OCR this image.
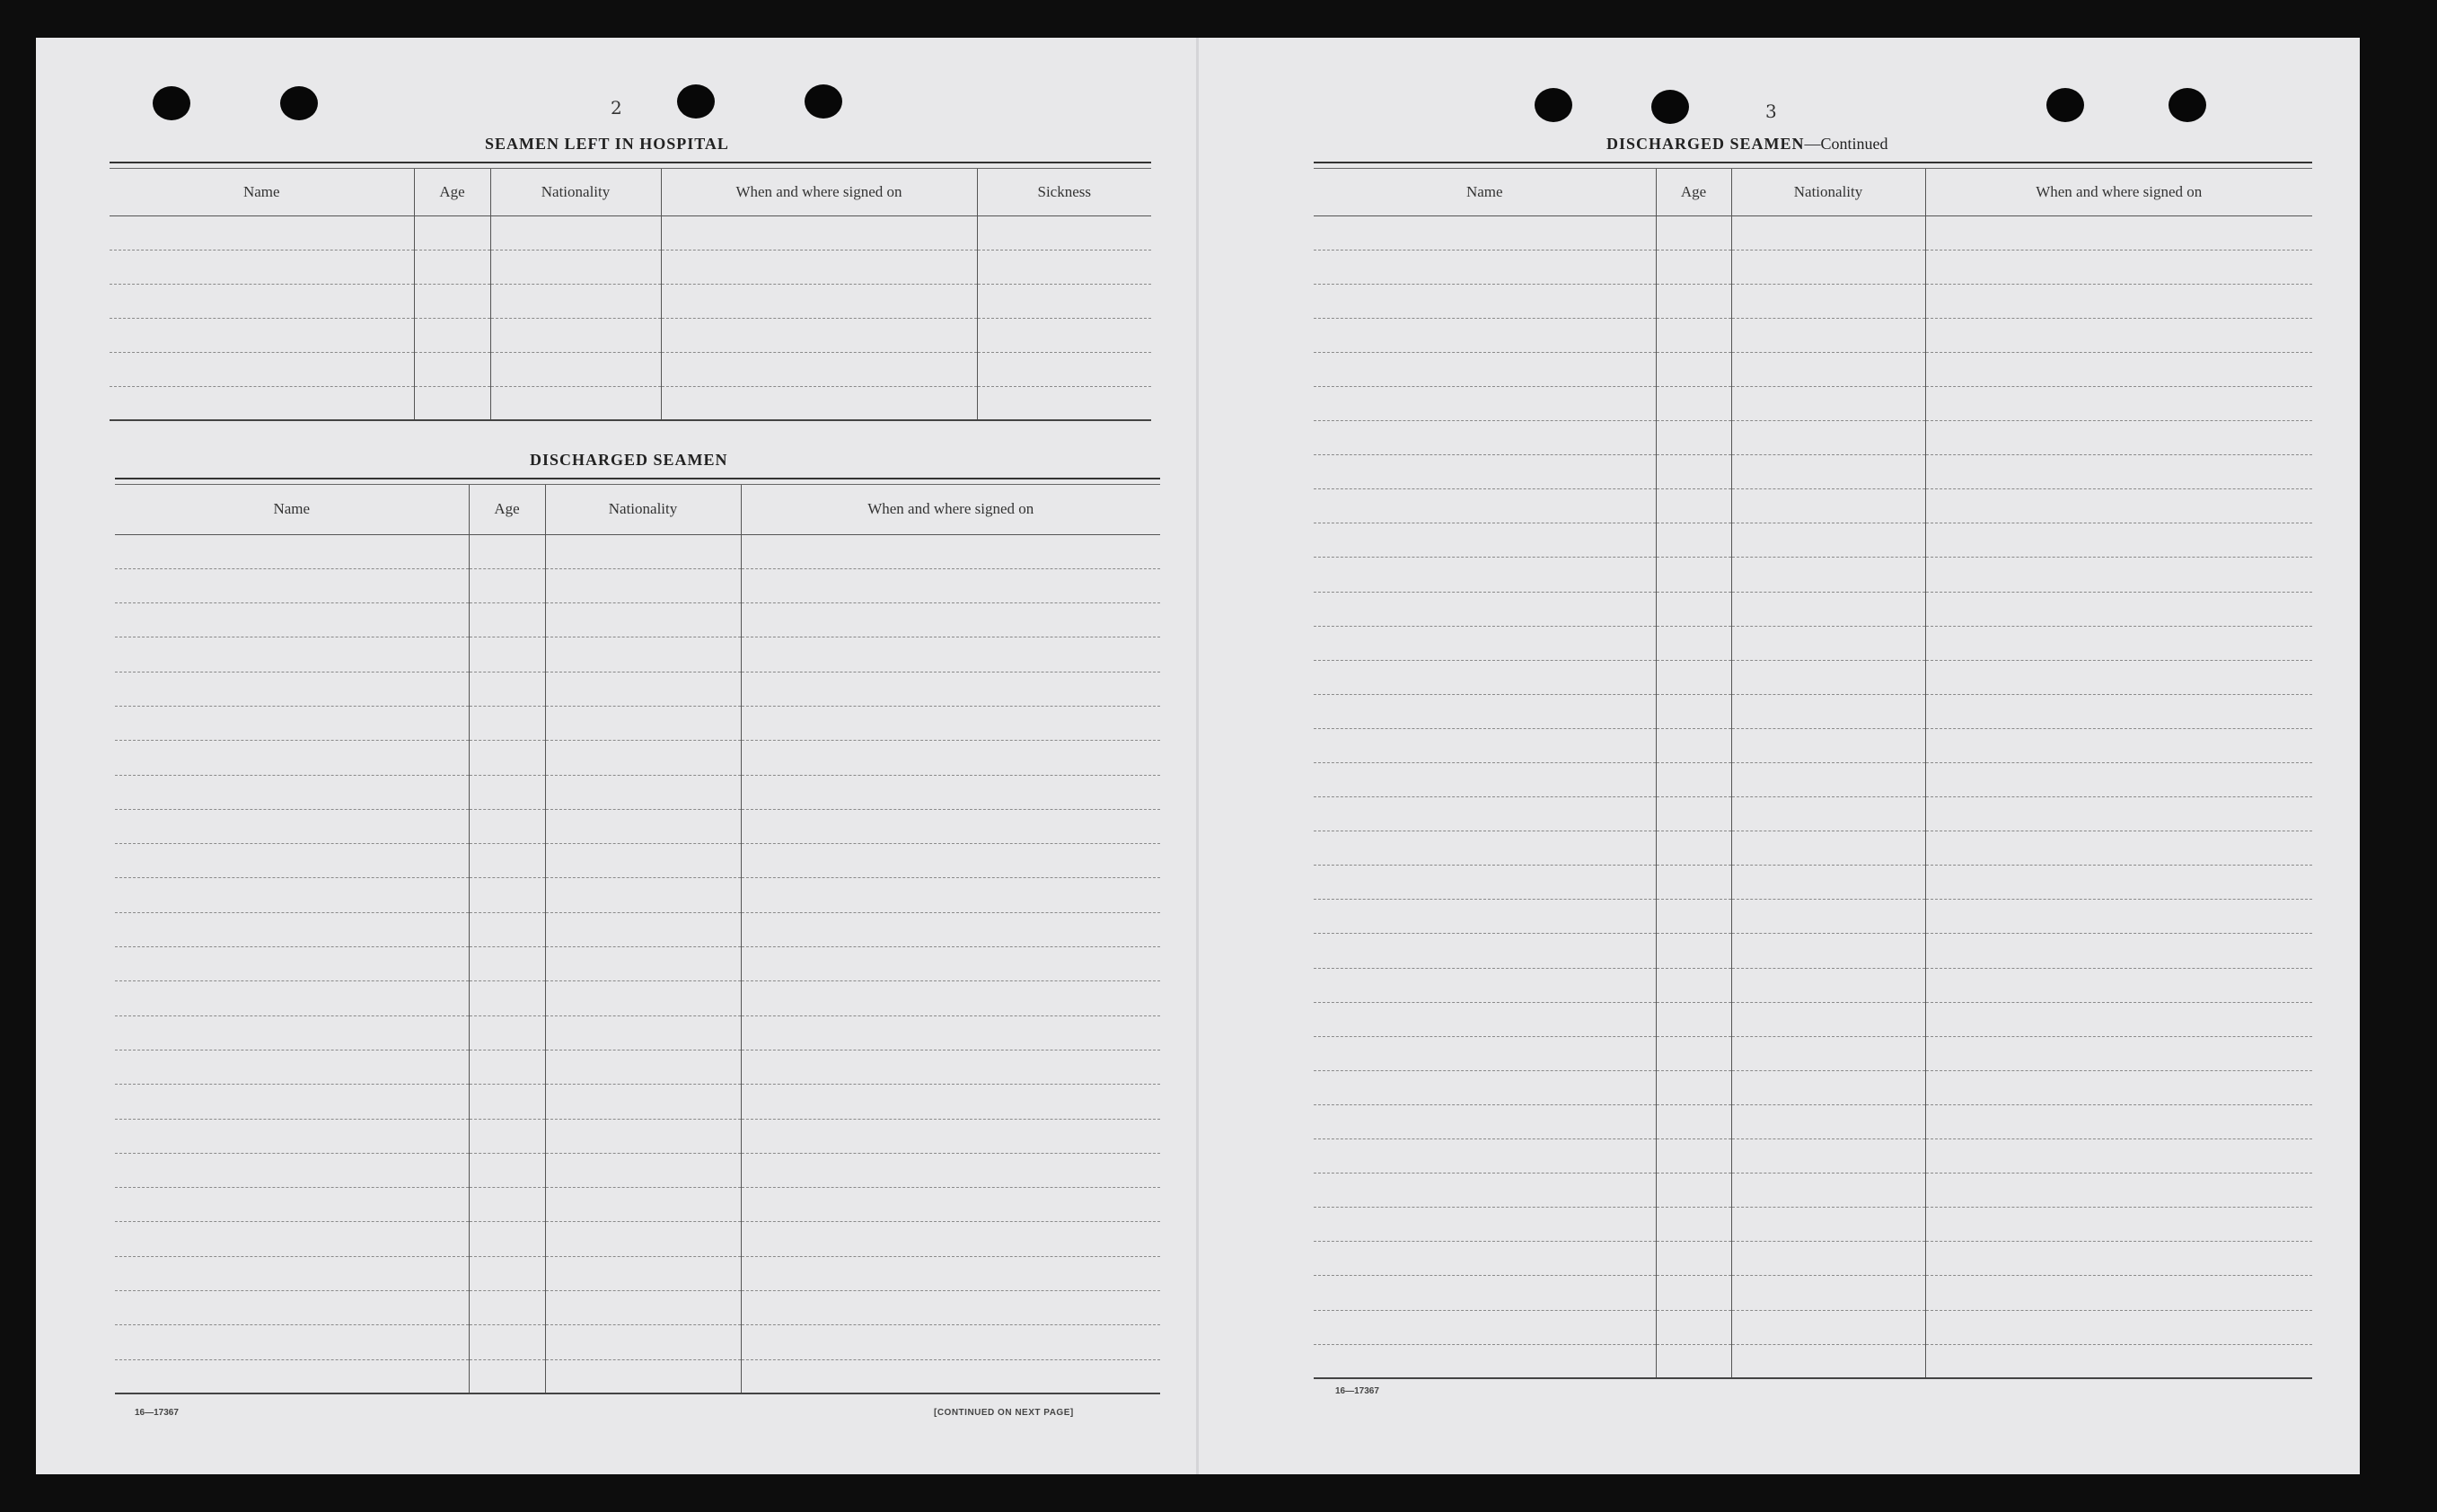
2
SEAMEN LEFT IN HOSPITAL
Name	Age	Nationality	When and where signed on	Sickness

DISCHARGED SEAMEN
Name	Age	Nationality	When and where signed on

16—17367	[CONTINUED ON NEXT PAGE]
3
DISCHARGED SEAMEN—Continued
Name	Age	Nationality	When and where signed on

16—17367
